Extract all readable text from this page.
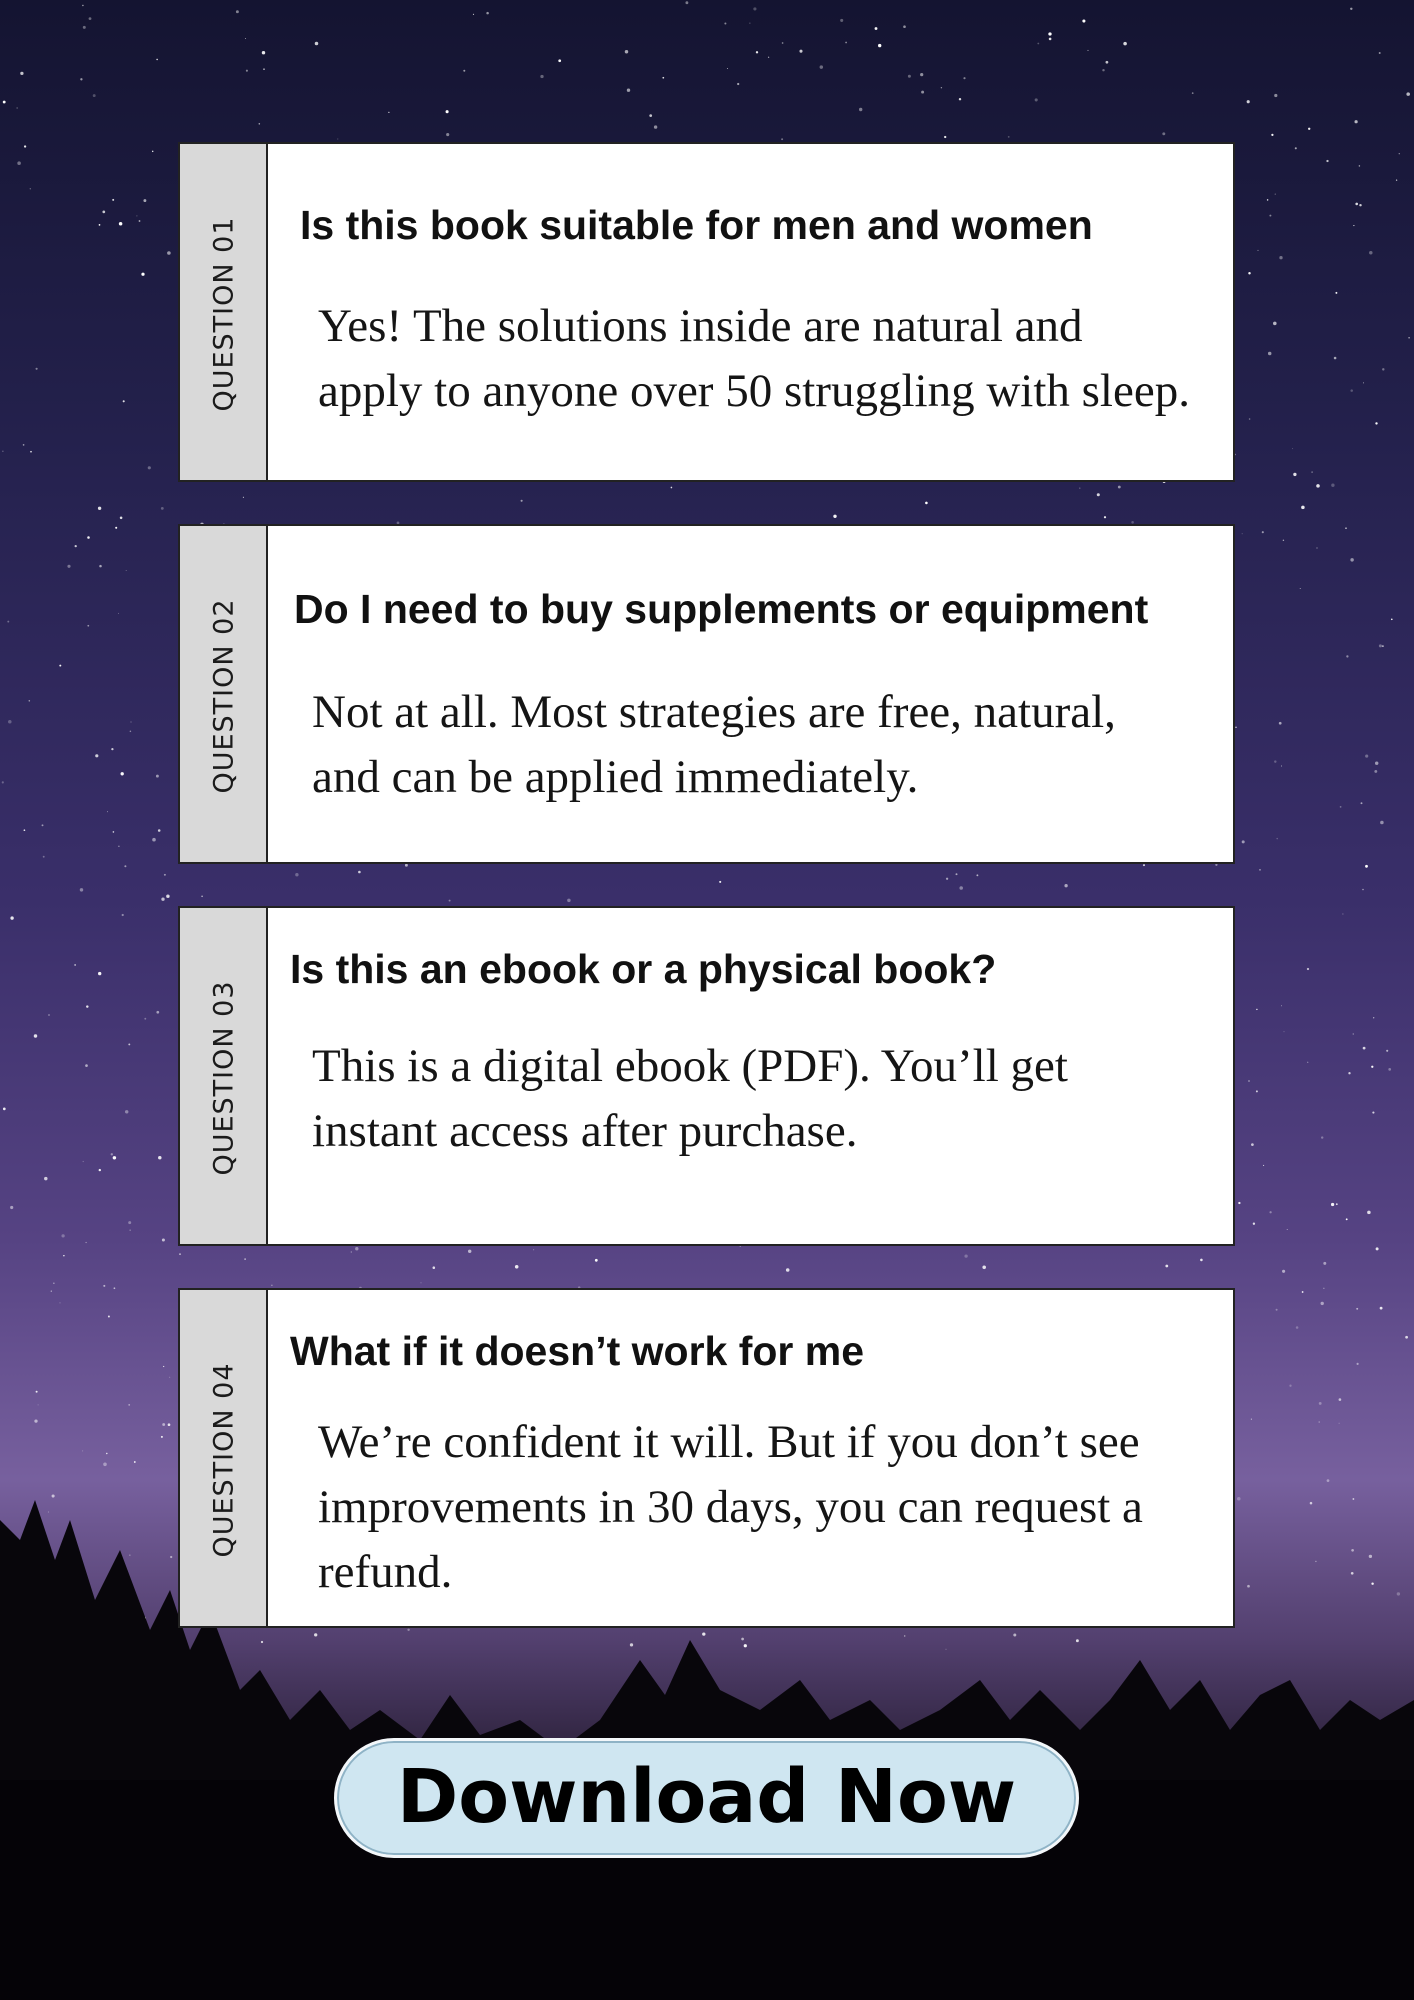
QUESTION 01 Is this book suitable for men and women
Yes! The solutions inside are natural and apply to anyone over 50 struggling with sleep.
QUESTION 02 Do I need to buy supplements or equipment
Not at all. Most strategies are free, natural, and can be applied immediately.
QUESTION 03
Is this an ebook or a physical book?
This is a digital ebook (PDF). You’ll get instant access after purchase.
QUESTION 04
What if it doesn’t work for me
We’re confident it will. But if you don’t see improvements in 30 days, you can request a refund.
Download Now
